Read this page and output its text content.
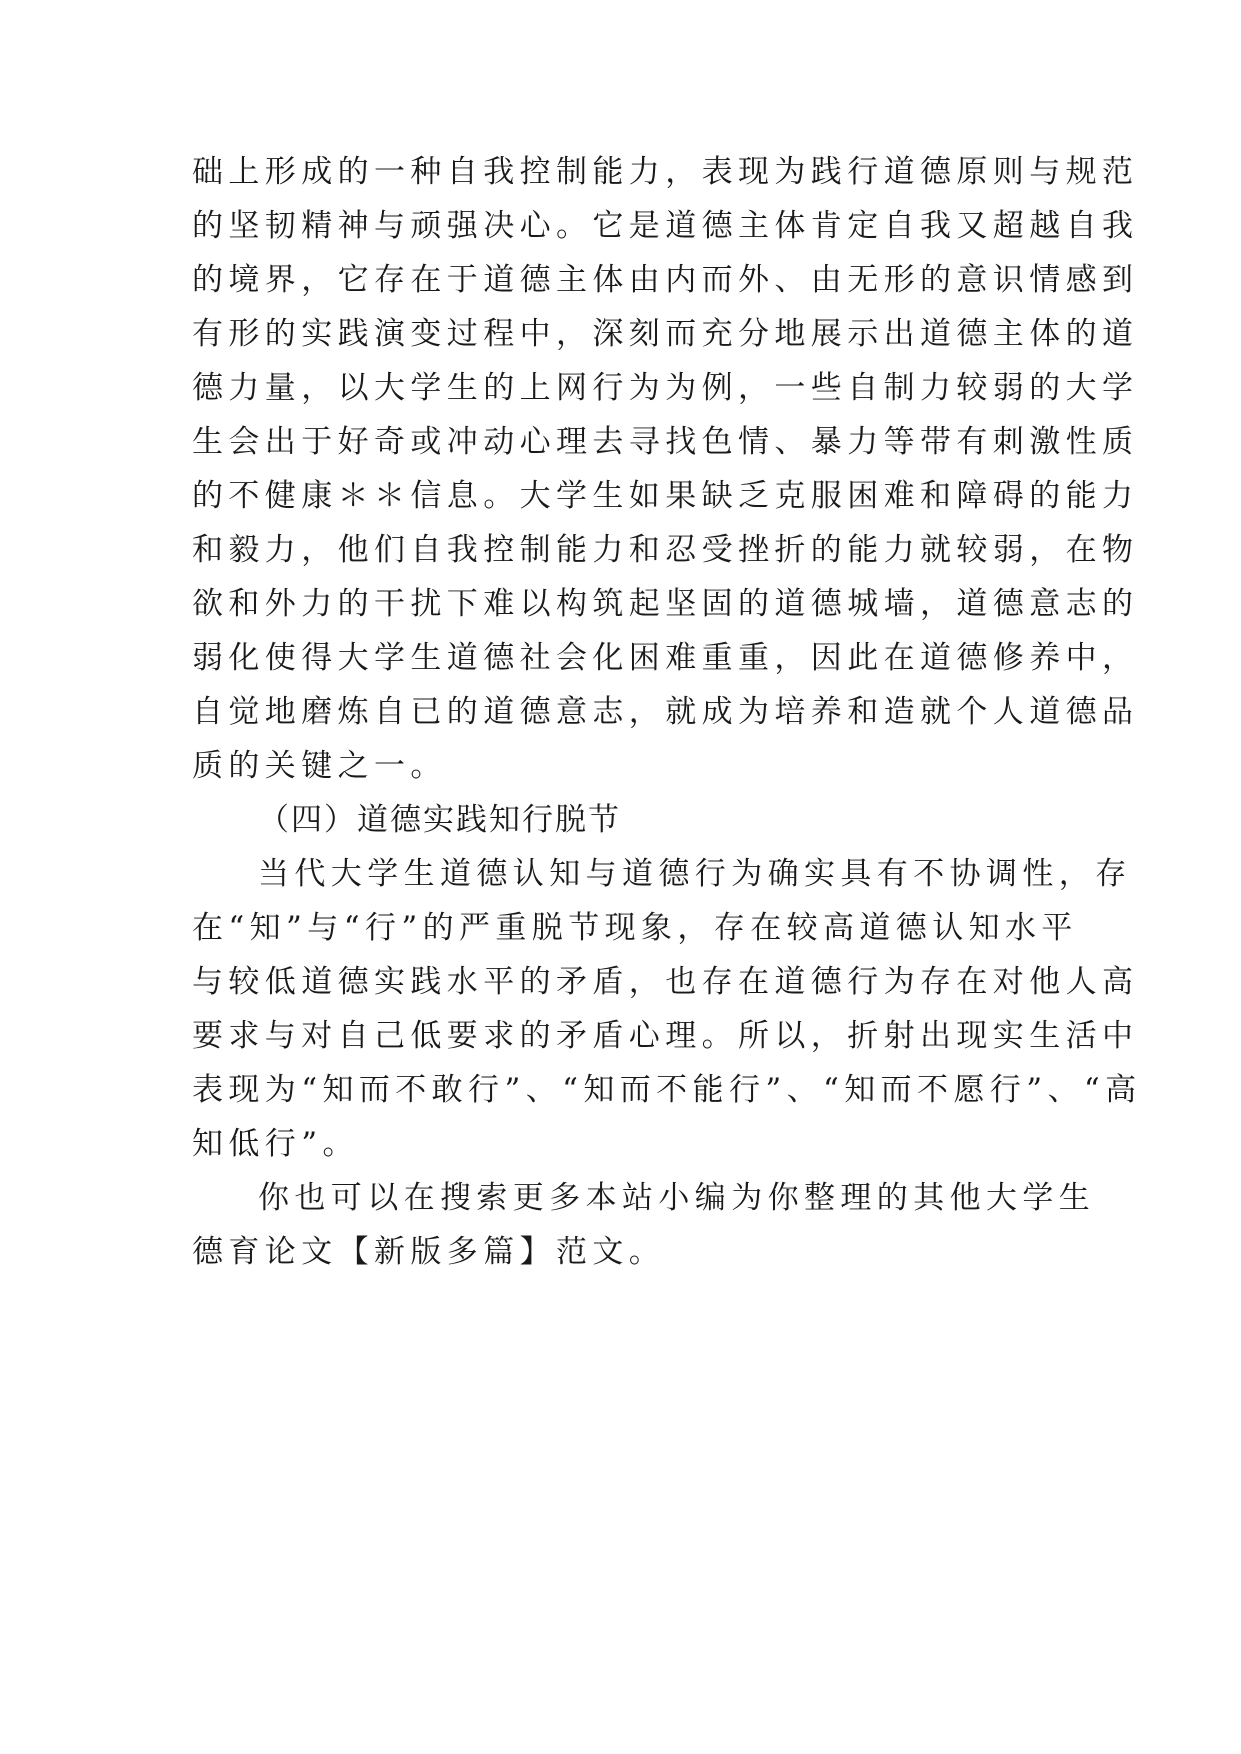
础上形成的一种自我控制能力，表现为践行道德原则与规范
的坚韧精神与顽强决心。它是道德主体肯定自我又超越自我
的境界，它存在于道德主体由内而外、由无形的意识情感到
有形的实践演变过程中，深刻而充分地展示出道德主体的道
德力量，以大学生的上网行为为例，一些自制力较弱的大学
生会出于好奇或冲动心理去寻找色情、暴力等带有刺激性质
的不健康＊＊信息。大学生如果缺乏克服困难和障碍的能力
和毅力，他们自我控制能力和忍受挫折的能力就较弱，在物
欲和外力的干扰下难以构筑起坚固的道德城墙，道德意志的
弱化使得大学生道德社会化困难重重，因此在道德修养中，
自觉地磨炼自已的道德意志，就成为培养和造就个人道德品
质的关键之一。
（四）道德实践知行脱节
当代大学生道德认知与道德行为确实具有不协调性，存
在“知”与“行”的严重脱节现象，存在较高道德认知水平
与较低道德实践水平的矛盾，也存在道德行为存在对他人高
要求与对自己低要求的矛盾心理。所以，折射出现实生活中
表现为“知而不敢行”、“知而不能行”、“知而不愿行”、“高
知低行”。
你也可以在搜索更多本站小编为你整理的其他大学生
德育论文【新版多篇】范文。
